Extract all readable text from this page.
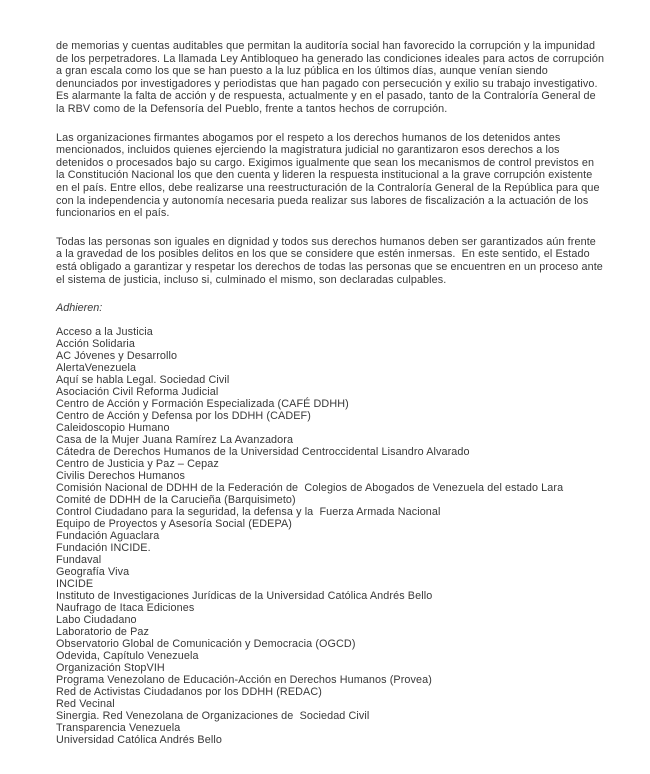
de memorias y cuentas auditables que permitan la auditoría social han favorecido la corrupción y la impunidad
de los perpetradores. La llamada Ley Antibloqueo ha generado las condiciones ideales para actos de corrupción
a gran escala como los que se han puesto a la luz pública en los últimos días, aunque venían siendo
denunciados por investigadores y periodistas que han pagado con persecución y exilio su trabajo investigativo.
Es alarmante la falta de acción y de respuesta, actualmente y en el pasado, tanto de la Contraloría General de
la RBV como de la Defensoría del Pueblo, frente a tantos hechos de corrupción.
Las organizaciones firmantes abogamos por el respeto a los derechos humanos de los detenidos antes
mencionados, incluidos quienes ejerciendo la magistratura judicial no garantizaron esos derechos a los
detenidos o procesados bajo su cargo. Exigimos igualmente que sean los mecanismos de control previstos en
la Constitución Nacional los que den cuenta y lideren la respuesta institucional a la grave corrupción existente
en el país. Entre ellos, debe realizarse una reestructuración de la Contraloría General de la República para que
con la independencia y autonomía necesaria pueda realizar sus labores de fiscalización a la actuación de los
funcionarios en el país.
Todas las personas son iguales en dignidad y todos sus derechos humanos deben ser garantizados aún frente
a la gravedad de los posibles delitos en los que se considere que estén inmersas.  En este sentido, el Estado
está obligado a garantizar y respetar los derechos de todas las personas que se encuentren en un proceso ante
el sistema de justicia, incluso si, culminado el mismo, son declaradas culpables.
Adhieren:
Acceso a la Justicia
Acción Solidaria
AC Jóvenes y Desarrollo
AlertaVenezuela
Aquí se habla Legal. Sociedad Civil
Asociación Civil Reforma Judicial
Centro de Acción y Formación Especializada (CAFÉ DDHH)
Centro de Acción y Defensa por los DDHH (CADEF)
Caleidoscopio Humano
Casa de la Mujer Juana Ramírez La Avanzadora
Cátedra de Derechos Humanos de la Universidad Centroccidental Lisandro Alvarado
Centro de Justicia y Paz – Cepaz
Civilis Derechos Humanos
Comisión Nacional de DDHH de la Federación de  Colegios de Abogados de Venezuela del estado Lara
Comité de DDHH de la Carucieña (Barquisimeto)
Control Ciudadano para la seguridad, la defensa y la  Fuerza Armada Nacional
Equipo de Proyectos y Asesoría Social (EDEPA)
Fundación Aguaclara
Fundación INCIDE.
Fundaval
Geografía Viva
INCIDE
Instituto de Investigaciones Jurídicas de la Universidad Católica Andrés Bello
Naufrago de Itaca Ediciones
Labo Ciudadano
Laboratorio de Paz
Observatorio Global de Comunicación y Democracia (OGCD)
Odevida, Capítulo Venezuela
Organización StopVIH
Programa Venezolano de Educación-Acción en Derechos Humanos (Provea)
Red de Activistas Ciudadanos por los DDHH (REDAC)
Red Vecinal
Sinergia. Red Venezolana de Organizaciones de  Sociedad Civil
Transparencia Venezuela
Universidad Católica Andrés Bello
